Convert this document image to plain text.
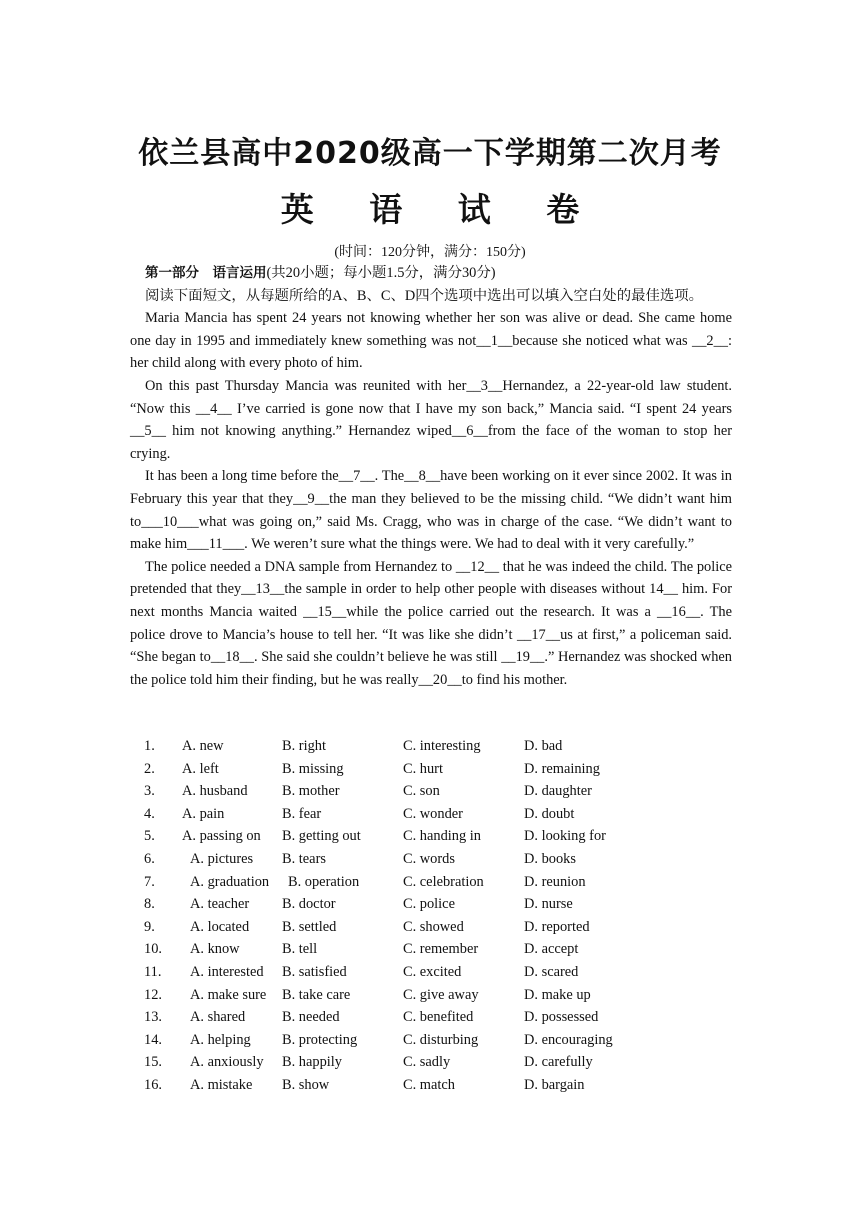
依兰县高中2020级高一下学期第二次月考
英 语 试 卷
(时间：120分钟，满分：150分)

第一部分　语言运用(共20小题；每小题1.5分，满分30分)

阅读下面短文，从每题所给的A、B、C、D四个选项中选出可以填入空白处的最佳选项。

Maria Mancia has spent 24 years not knowing whether her son was alive or dead. She came home one day in 1995 and immediately knew something was not__1__because she noticed what was __2__: her child along with every photo of him.

On this past Thursday Mancia was reunited with her__3__Hernandez, a 22-year-old law student. “Now this __4__ I’ve carried is gone now that I have my son back,” Mancia said. “I spent 24 years __5__ him not knowing anything.” Hernandez wiped__6__from the face of the woman to stop her crying.

It has been a long time before the__7__. The__8__have been working on it ever since 2002. It was in February this year that they__9__the man they believed to be the missing child. “We didn’t want him to___10___what was going on,” said Ms. Cragg, who was in charge of the case. “We didn’t want to make him___11___. We weren’t sure what the things were. We had to deal with it very carefully.”

The police needed a DNA sample from Hernandez to __12__ that he was indeed the child. The police pretended that they__13__the sample in order to help other people with diseases without 14__ him. For next months Mancia waited __15__while the police carried out the research. It was a __16__. The police drove to Mancia’s house to tell her. “It was like she didn’t __17__us at first,” a policeman said. “She began to__18__. She said she couldn’t believe he was still __19__.” Hernandez was shocked when the police told him their finding, but he was really__20__to find his mother.

1. A. new	B. right	C. interesting	D. bad
2. A. left	B. missing	C. hurt	D. remaining
3. A. husband B. mother	C. son	D. daughter
4. A. pain	B. fear	C. wonder	D. doubt
5. A. passing on B. getting out	C. handing in	D. looking for
6. A. pictures B. tears	C. words	D. books
7. A. graduation B. operation	C. celebration	D. reunion
8. A. teacher B. doctor	C. police	D. nurse
9. A. located B. settled	C. showed	D. reported
10. A. know	B. tell	C. remember	D. accept
11. A. interested B. satisfied	C. excited	D. scared
12. A. make sure B. take care	C. give away	D. make up
13. A. shared	B. needed	C. benefited	D. possessed
14. A. helping B. protecting	C. disturbing	D. encouraging
15. A. anxiously B. happily	C. sadly	D. carefully
16. A. mistake B. show	C. match	D. bargain
